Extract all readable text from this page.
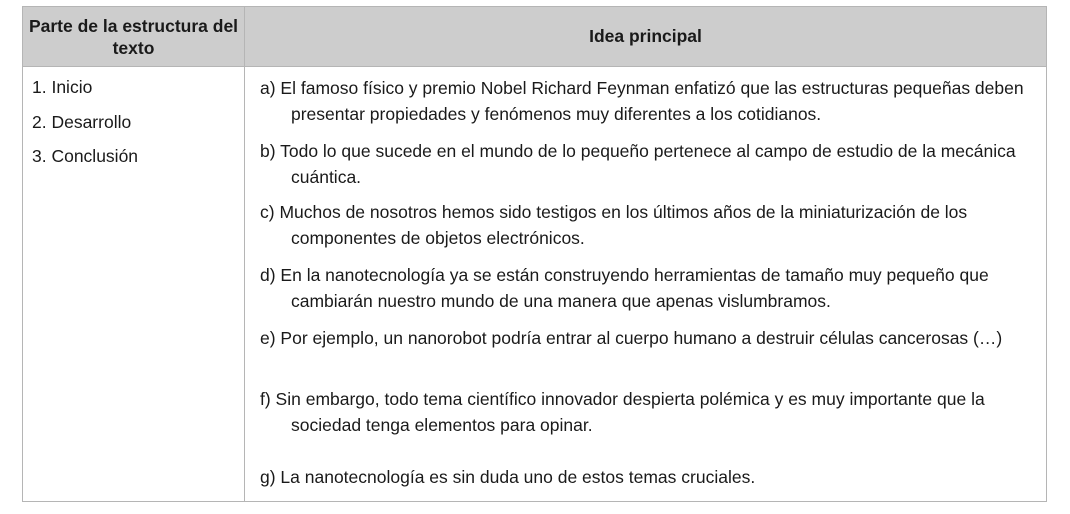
Parte de la estructura del texto
Idea principal
1. Inicio
2. Desarrollo
3. Conclusión
a) El famoso físico y premio Nobel Richard Feynman enfatizó que las estructuras pequeñas deben presentar propiedades y fenómenos muy diferentes a los cotidianos.
b) Todo lo que sucede en el mundo de lo pequeño pertenece al campo de estudio de la mecánica cuántica.
c) Muchos de nosotros hemos sido testigos en los últimos años de la miniaturización de los componentes de objetos electrónicos.
d) En la nanotecnología ya se están construyendo herramientas de tamaño muy pequeño que cambiarán nuestro mundo de una manera que apenas vislumbramos.
e) Por ejemplo, un nanorobot podría entrar al cuerpo humano a destruir células cancerosas (…)
f) Sin embargo, todo tema científico innovador despierta polémica y es muy importante que la sociedad tenga elementos para opinar.
g) La nanotecnología es sin duda uno de estos temas cruciales.
